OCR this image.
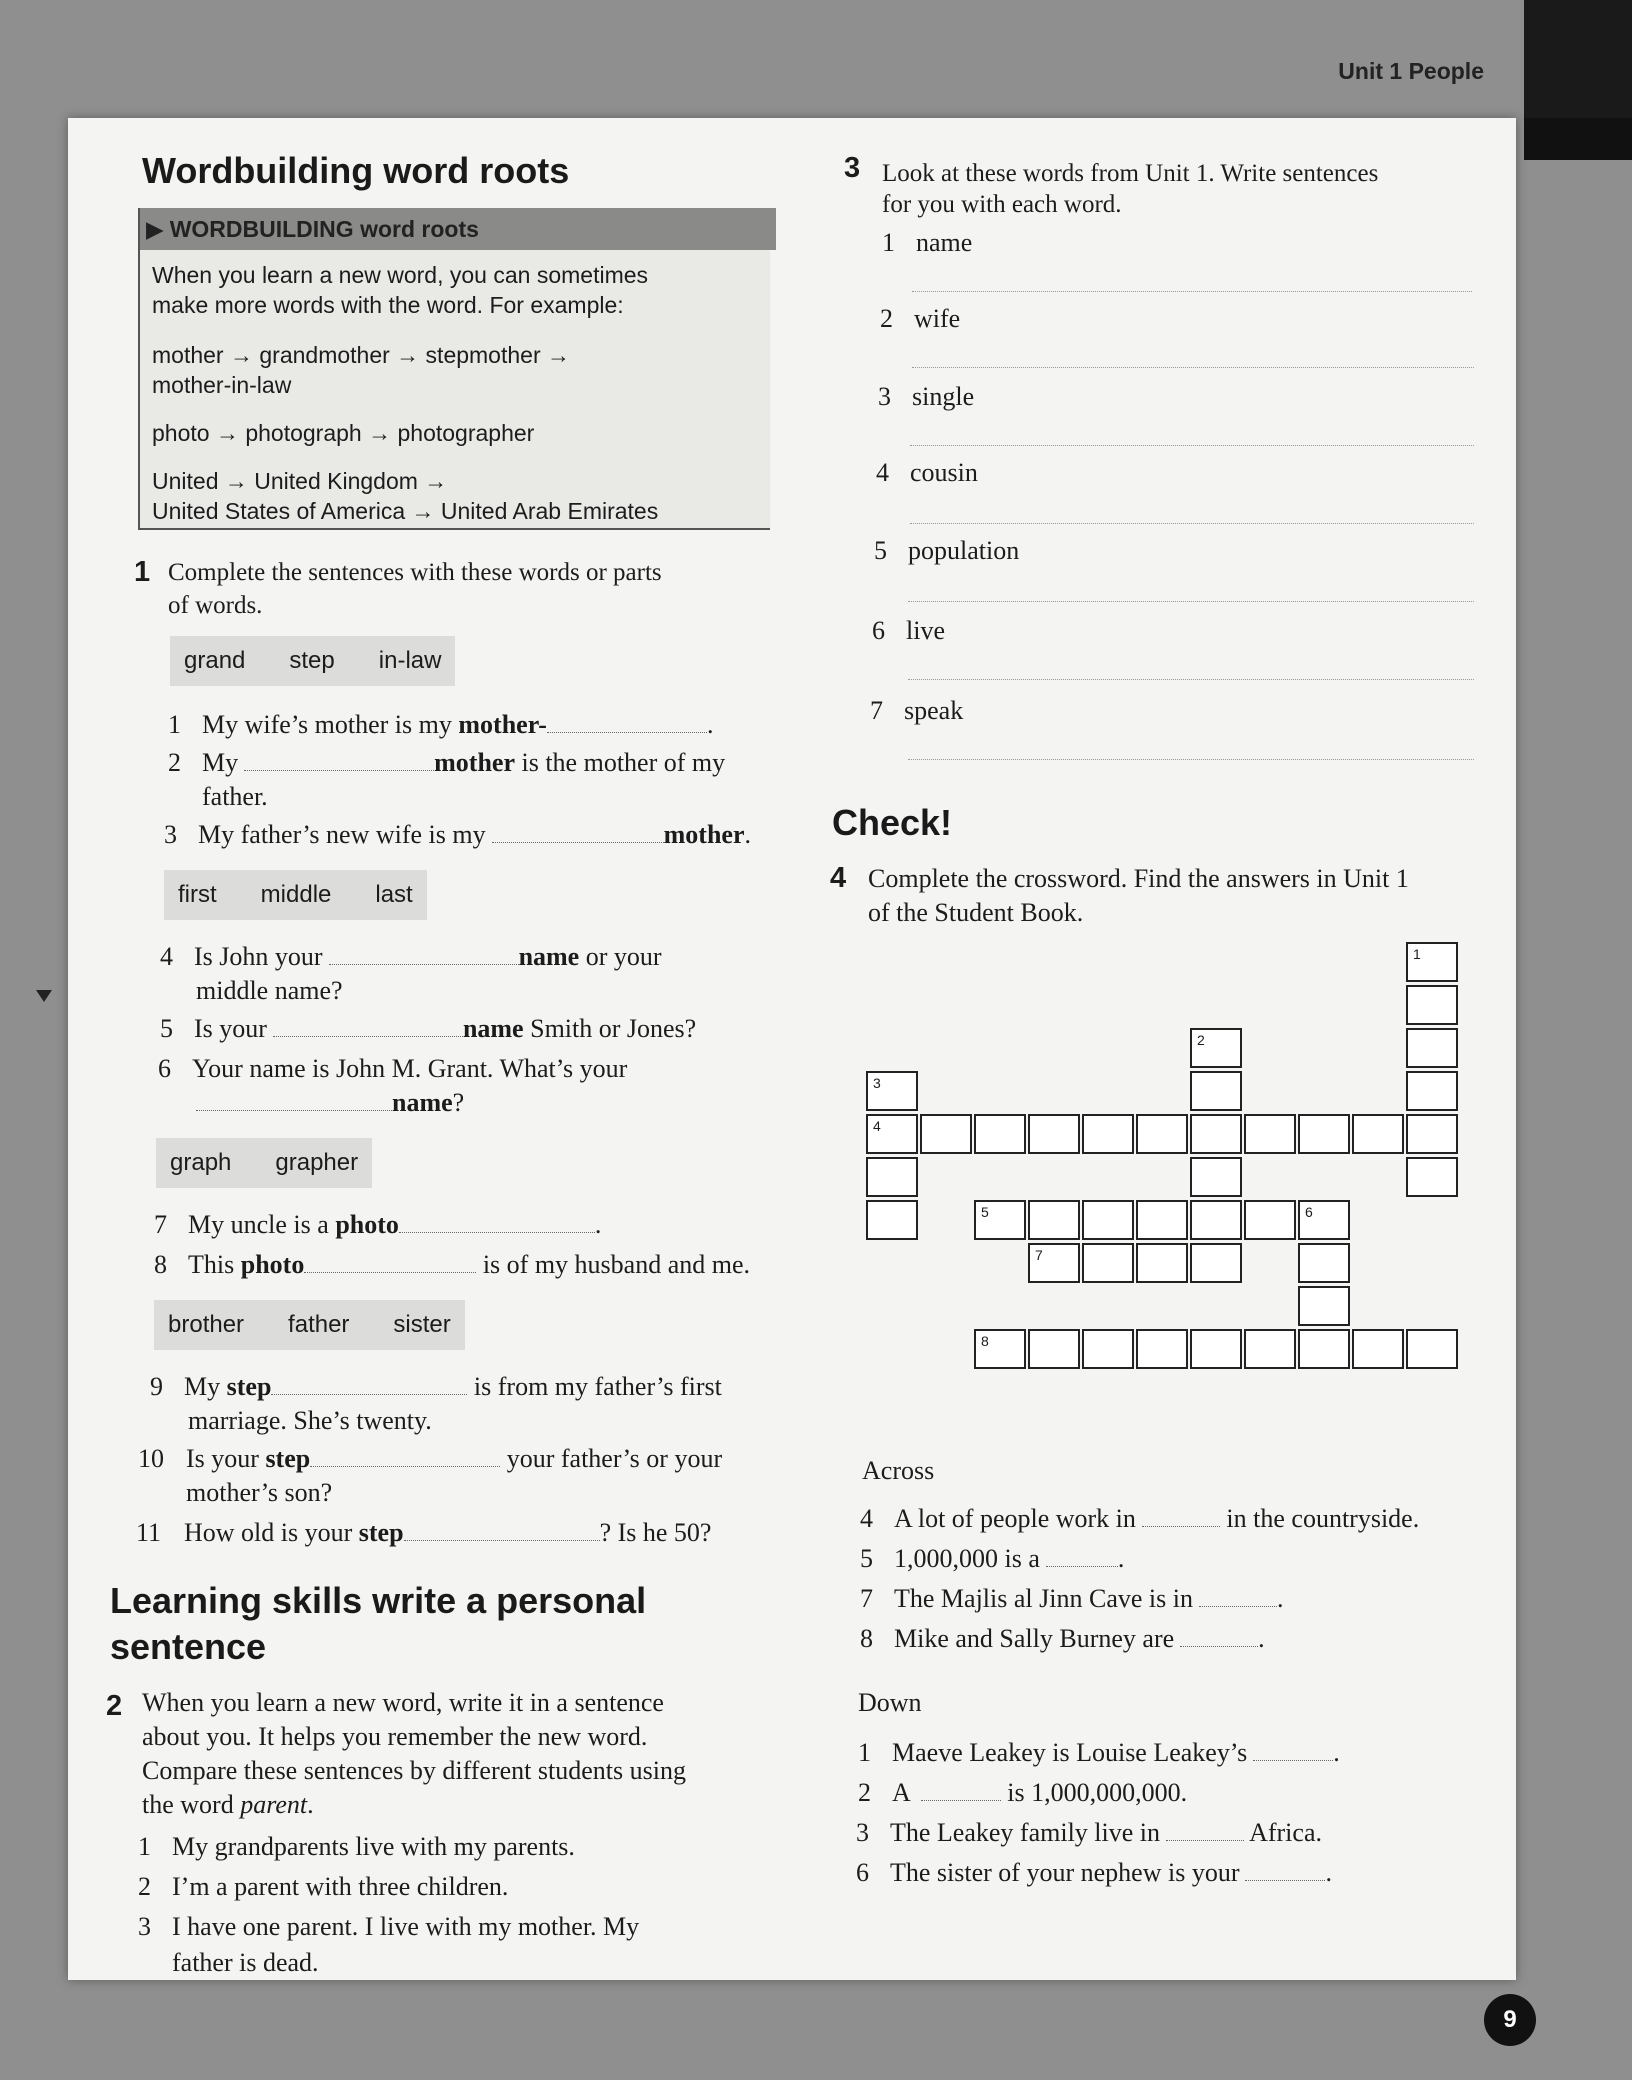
Unit 1 People
Wordbuilding word roots
▶ WORDBUILDING word roots
When you learn a new word, you can sometimes
make more words with the word. For example:
mother → grandmother → stepmother →
mother-in-law
photo → photograph → photographer
United → United Kingdom →
United States of America → United Arab Emirates
1 Complete the sentences with these words or parts
of words.
grand step in-law
1 My wife’s mother is my mother-	.
2 My	mother is the mother of my
father.
3 My father’s new wife is my	mother.
first middle last
4 Is John your	name or your
middle name?
5 Is your	name Smith or Jones?
6 Your name is John M. Grant. What’s your
name?
graph grapher
7 My uncle is a photo	.
8 This photo	is of my husband and me.
brother father sister
9 My step	is from my father’s first
marriage. She’s twenty.
10 Is your step	your father’s or your
mother’s son?
11 How old is your step	? Is he 50?
Learning skills write a personal
sentence
2 When you learn a new word, write it in a sentence
about you. It helps you remember the new word.
Compare these sentences by different students using
the word parent.
1 My grandparents live with my parents.
2 I’m a parent with three children.
3 I have one parent. I live with my mother. My
father is dead.
3 Look at these words from Unit 1. Write sentences
for you with each word.
1 name
2 wife
3 single
4 cousin
5 population
6 live
7 speak
Check!
4 Complete the crossword. Find the answers in Unit 1
of the Student Book.
1
2
3
4
5	6
7
8
Across
4 A lot of people work in	in the countryside.
5 1,000,000 is a	.
7 The Majlis al Jinn Cave is in	.
8 Mike and Sally Burney are	.
Down
1 Maeve Leakey is Louise Leakey’s	.
2 A	is 1,000,000,000.
3 The Leakey family live in	Africa.
6 The sister of your nephew is your	.
9
